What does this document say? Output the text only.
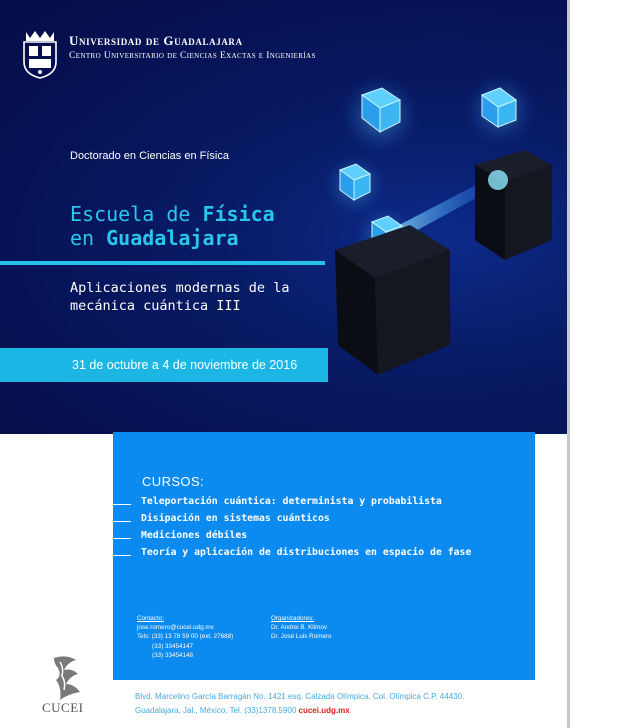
Universidad de Guadalajara
Centro Universitario de Ciencias Exactas e Ingenierías
Doctorado en Ciencias en Física
Escuela de Física
en Guadalajara
Aplicaciones modernas de la mecánica cuántica III
31 de octubre a 4 de noviembre de 2016
CURSOS:
Teleportación cuántica: determinista y probabilista
Disipación en sistemas cuánticos
Mediciones débiles
Teoría y aplicación de distribuciones en espacio de fase
Contacto:
jose.romero@cucei.udg.mx
Tels: (33) 13 78 59 00 (ext. 27688)
(33) 33454147
(33) 33454148
Organizadores:
Dr. Andrei B. Klimov
Dr. José Luis Romero
CUCEI
Blvd. Marcelino García Barragán No. 1421 esq. Calzada Olímpica. Col. Olímpica C.P. 44430.
Guadalajara, Jal., México. Tel. (33)1378.5900 cucei.udg.mx
